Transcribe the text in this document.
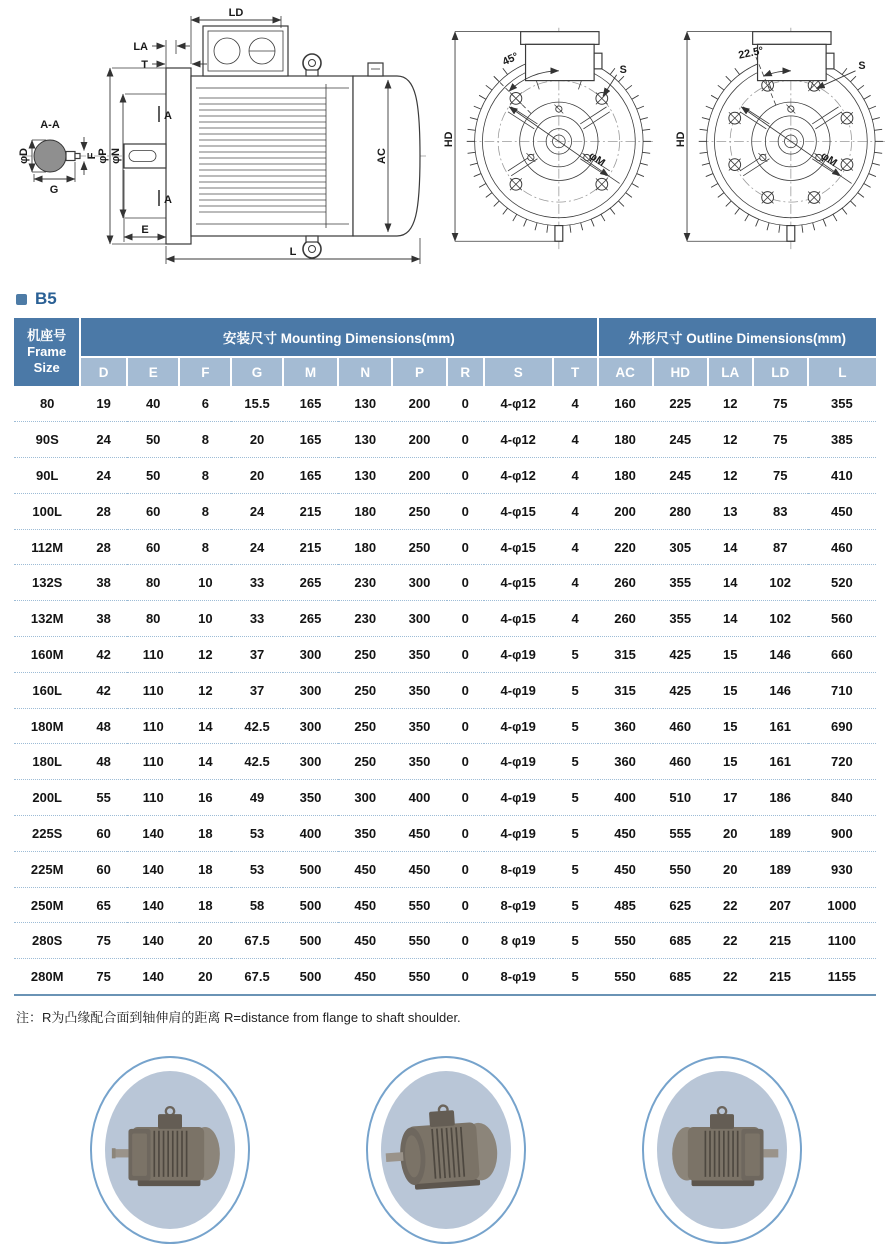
A-A
φD
G
F
LD
LA
T
φP φN
A
A
E
AC
L
HD
45°
S
φM
HD
22.5°
S
φM
B5
机座号
Frame
Size	安装尺寸 Mounting Dimensions(mm)										外形尺寸 Outline Dimensions(mm)				
	D	E	F	G	M	N	P	R	S	T	AC	HD	LA	LD	L
80	19	40	6	15.5	165	130	200	0	4-φ12	4	160	225	12	75	355
90S	24	50	8	20	165	130	200	0	4-φ12	4	180	245	12	75	385
90L	24	50	8	20	165	130	200	0	4-φ12	4	180	245	12	75	410
100L	28	60	8	24	215	180	250	0	4-φ15	4	200	280	13	83	450
112M	28	60	8	24	215	180	250	0	4-φ15	4	220	305	14	87	460
132S	38	80	10	33	265	230	300	0	4-φ15	4	260	355	14	102	520
132M	38	80	10	33	265	230	300	0	4-φ15	4	260	355	14	102	560
160M	42	110	12	37	300	250	350	0	4-φ19	5	315	425	15	146	660
160L	42	110	12	37	300	250	350	0	4-φ19	5	315	425	15	146	710
180M	48	110	14	42.5	300	250	350	0	4-φ19	5	360	460	15	161	690
180L	48	110	14	42.5	300	250	350	0	4-φ19	5	360	460	15	161	720
200L	55	110	16	49	350	300	400	0	4-φ19	5	400	510	17	186	840
225S	60	140	18	53	400	350	450	0	4-φ19	5	450	555	20	189	900
225M	60	140	18	53	500	450	450	0	8-φ19	5	450	550	20	189	930
250M	65	140	18	58	500	450	550	0	8-φ19	5	485	625	22	207	1000
280S	75	140	20	67.5	500	450	550	0	8 φ19	5	550	685	22	215	1100
280M	75	140	20	67.5	500	450	550	0	8-φ19	5	550	685	22	215	1155
注：R为凸缘配合面到轴伸肩的距离 R=distance from flange to shaft shoulder.
